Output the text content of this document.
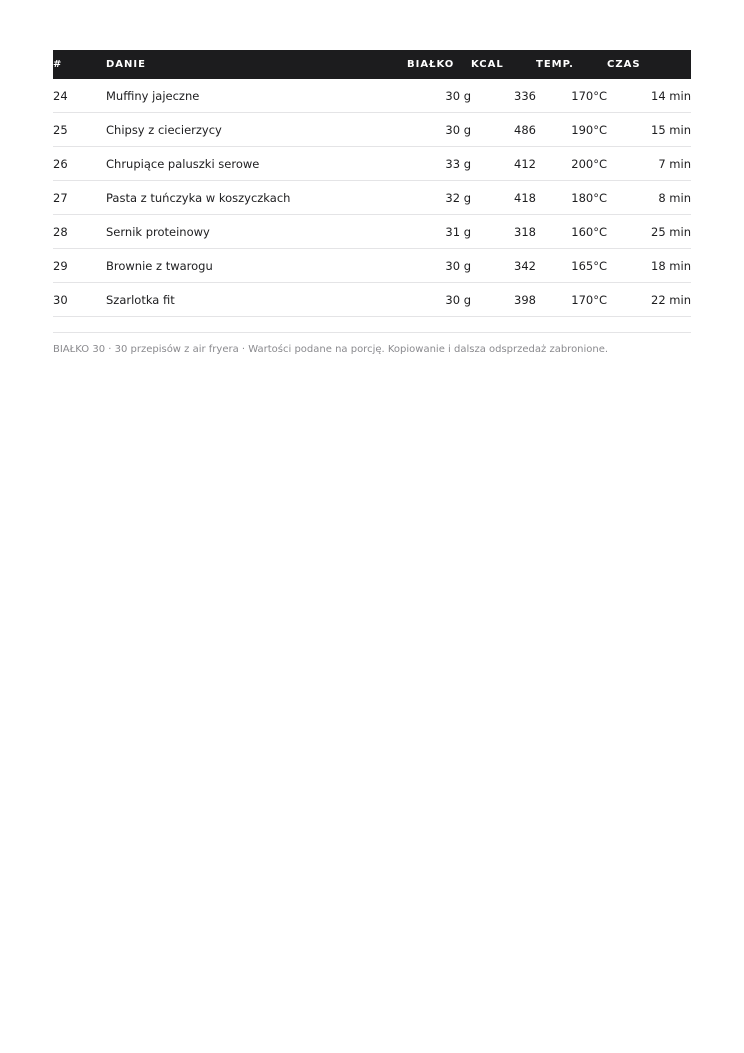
#	DANIE	BIAŁKO	KCAL	TEMP.	CZAS
24	Muffiny jajeczne	30 g	336	170°C	14 min
25	Chipsy z ciecierzycy	30 g	486	190°C	15 min
26	Chrupiące paluszki serowe	33 g	412	200°C	7 min
27	Pasta z tuńczyka w koszyczkach	32 g	418	180°C	8 min
28	Sernik proteinowy	31 g	318	160°C	25 min
29	Brownie z twarogu	30 g	342	165°C	18 min
30	Szarlotka fit	30 g	398	170°C	22 min
BIAŁKO 30 · 30 przepisów z air fryera · Wartości podane na porcję. Kopiowanie i dalsza odsprzedaż zabronione.
